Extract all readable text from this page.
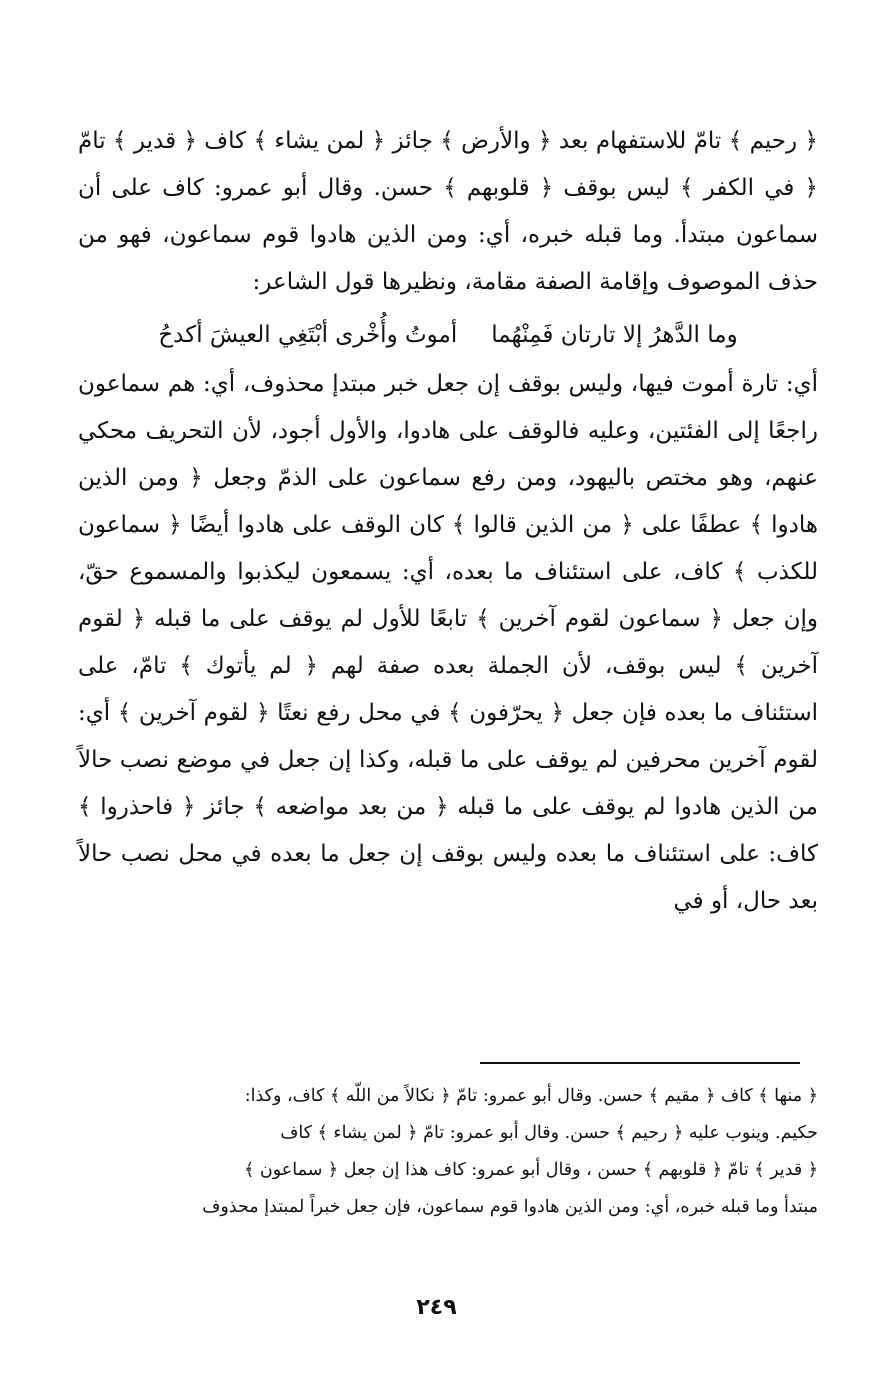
﴿ رحيم ﴾ تامّ للاستفهام بعد ﴿ والأرض ﴾ جائز ﴿ لمن يشاء ﴾ كاف ﴿ قدير ﴾ تامّ ﴿ في الكفر ﴾ ليس بوقف ﴿ قلوبهم ﴾ حسن. وقال أبو عمرو: كاف على أن سماعون مبتدأ. وما قبله خبره، أي: ومن الذين هادوا قوم سماعون، فهو من حذف الموصوف وإقامة الصفة مقامة، ونظيرها قول الشاعر:

وما الدَّهرُ إلا تارتان فَمِنْهُما
أموتُ وأُخْرى أبْتَغِي العيشَ أكدحُ

أي: تارة أموت فيها، وليس بوقف إن جعل خبر مبتدإ محذوف، أي: هم سماعون راجعًا إلى الفئتين، وعليه فالوقف على هادوا، والأول أجود، لأن التحريف محكي عنهم، وهو مختص باليهود، ومن رفع سماعون على الذمّ وجعل ﴿ ومن الذين هادوا ﴾ عطفًا على ﴿ من الذين قالوا ﴾ كان الوقف على هادوا أيضًا ﴿ سماعون للكذب ﴾ كاف، على استئناف ما بعده، أي: يسمعون ليكذبوا والمسموع حقّ، وإن جعل ﴿ سماعون لقوم آخرين ﴾ تابعًا للأول لم يوقف على ما قبله ﴿ لقوم آخرين ﴾ ليس بوقف، لأن الجملة بعده صفة لهم ﴿ لم يأتوك ﴾ تامّ، على استئناف ما بعده فإن جعل ﴿ يحرّفون ﴾ في محل رفع نعتًا ﴿ لقوم آخرين ﴾ أي: لقوم آخرين محرفين لم يوقف على ما قبله، وكذا إن جعل في موضع نصب حالاً من الذين هادوا لم يوقف على ما قبله ﴿ من بعد مواضعه ﴾ جائز ﴿ فاحذروا ﴾ كاف: على استئناف ما بعده وليس بوقف إن جعل ما بعده في محل نصب حالاً بعد حال، أو في

﴿ منها ﴾ كاف ﴿ مقيم ﴾ حسن. وقال أبو عمرو: تامّ ﴿ نكالاً من اللّه ﴾ كاف، وكذا:

حكيم. وينوب عليه ﴿ رحيم ﴾ حسن. وقال أبو عمرو: تامّ ﴿ لمن يشاء ﴾ كاف

﴿ قدير ﴾ تامّ ﴿ قلوبهم ﴾ حسن ، وقال أبو عمرو: كاف هذا إن جعل ﴿ سماعون ﴾

مبتدأ وما قبله خبره، أي: ومن الذين هادوا قوم سماعون، فإن جعل خبراً لمبتدإ محذوف

٢٤٩
